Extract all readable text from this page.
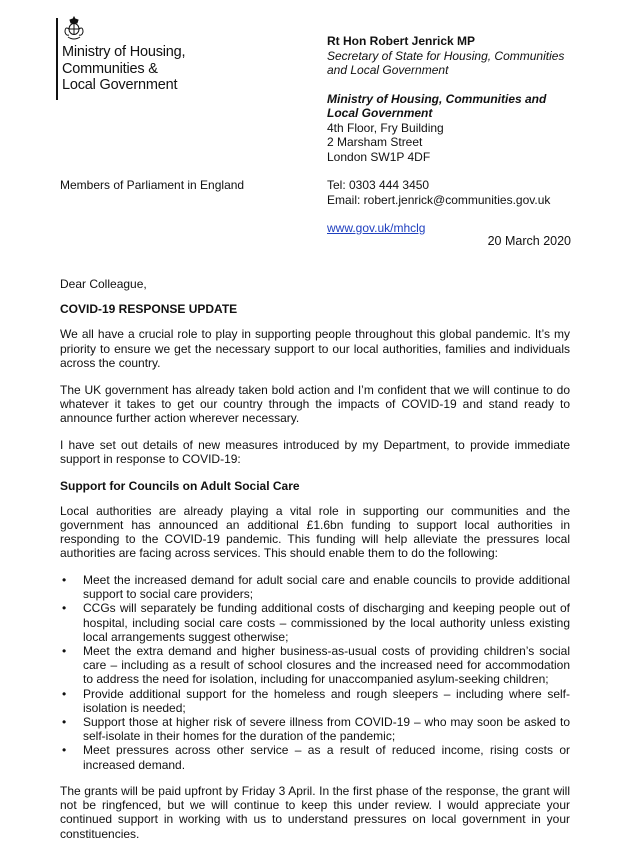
Ministry of Housing,
Communities &
Local Government
Rt Hon Robert Jenrick MP
Secretary of State for Housing, Communities
and Local Government
Ministry of Housing, Communities and
Local Government
4th Floor, Fry Building
2 Marsham Street
London SW1P 4DF
Tel: 0303 444 3450
Email: robert.jenrick@communities.gov.uk
www.gov.uk/mhclg
Members of Parliament in England
20 March 2020

Dear Colleague,

COVID-19 RESPONSE UPDATE

We all have a crucial role to play in supporting people throughout this global pandemic. It’s my priority to ensure we get the necessary support to our local authorities, families and individuals across the country.

The UK government has already taken bold action and I’m confident that we will continue to do whatever it takes to get our country through the impacts of COVID-19 and stand ready to announce further action wherever necessary.

I have set out details of new measures introduced by my Department, to provide immediate support in response to COVID-19:

Support for Councils on Adult Social Care

Local authorities are already playing a vital role in supporting our communities and the government has announced an additional £1.6bn funding to support local authorities in responding to the COVID-19 pandemic. This funding will help alleviate the pressures local authorities are facing across services. This should enable them to do the following:

• Meet the increased demand for adult social care and enable councils to provide additional support to social care providers;
• CCGs will separately be funding additional costs of discharging and keeping people out of hospital, including social care costs – commissioned by the local authority unless existing local arrangements suggest otherwise;
• Meet the extra demand and higher business-as-usual costs of providing children’s social care – including as a result of school closures and the increased need for accommodation to address the need for isolation, including for unaccompanied asylum-seeking children;
• Provide additional support for the homeless and rough sleepers – including where self-isolation is needed;
• Support those at higher risk of severe illness from COVID-19 – who may soon be asked to self-isolate in their homes for the duration of the pandemic;
• Meet pressures across other service – as a result of reduced income, rising costs or increased demand.

The grants will be paid upfront by Friday 3 April. In the first phase of the response, the grant will not be ringfenced, but we will continue to keep this under review. I would appreciate your continued support in working with us to understand pressures on local government in your constituencies.
